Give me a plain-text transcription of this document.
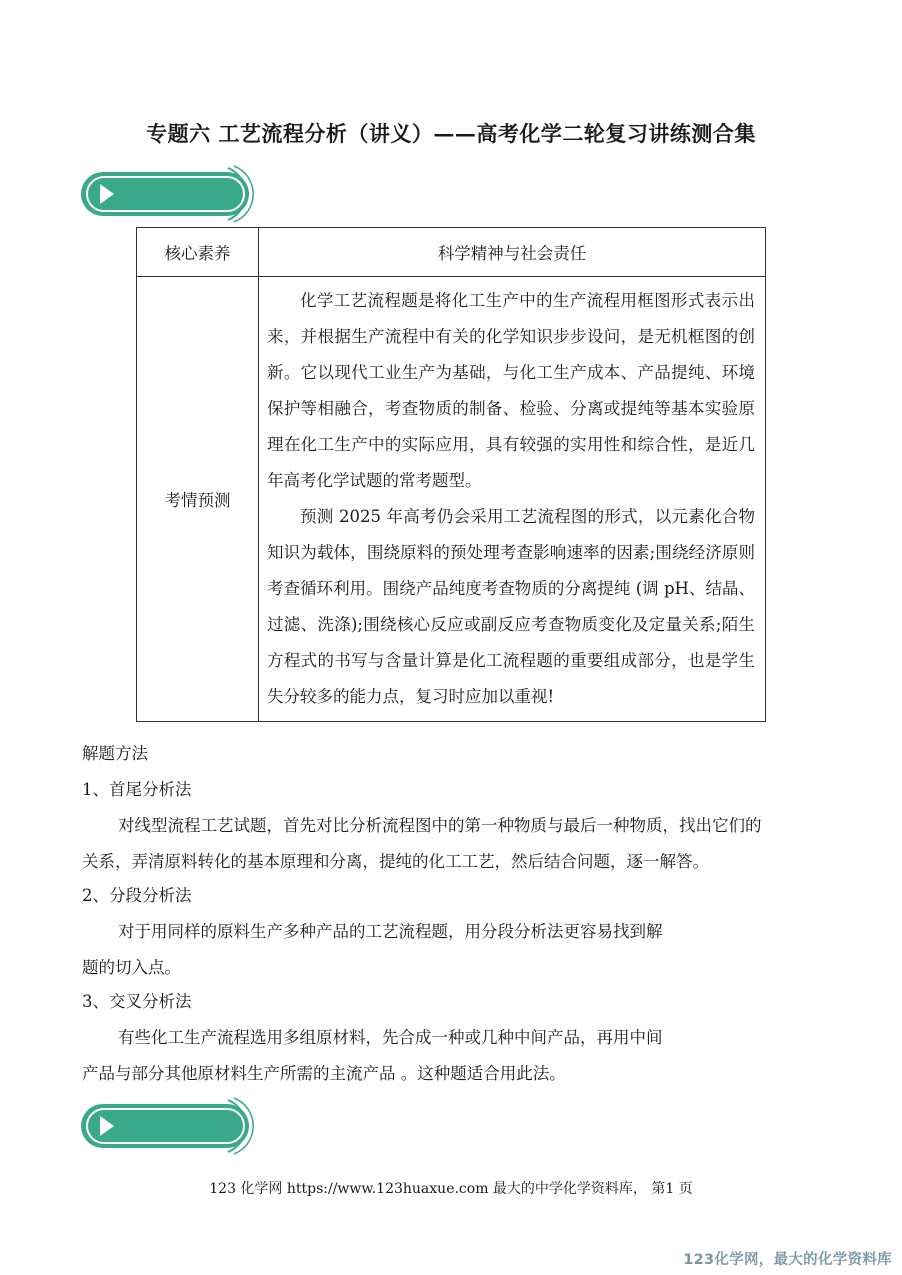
专题六 工艺流程分析（讲义）——高考化学二轮复习讲练测合集
核心素养	科学精神与社会责任
考情预测	化学工艺流程题是将化工生产中的生产流程用框图形式表示出来，并根据生产流程中有关的化学知识步步设问，是无机框图的创新。它以现代工业生产为基础，与化工生产成本、产品提纯、环境保护等相融合，考查物质的制备、检验、分离或提纯等基本实验原理在化工生产中的实际应用，具有较强的实用性和综合性，是近几年高考化学试题的常考题型。

预测 2025 年高考仍会采用工艺流程图的形式，以元素化合物知识为载体，围绕原料的预处理考查影响速率的因素;围绕经济原则考查循环利用。围绕产品纯度考查物质的分离提纯 (调 pH、结晶、过滤、洗涤);围绕核心反应或副反应考查物质变化及定量关系;陌生方程式的书写与含量计算是化工流程题的重要组成部分，也是学生失分较多的能力点，复习时应加以重视!

解题方法
1、首尾分析法
对线型流程工艺试题，首先对比分析流程图中的第一种物质与最后一种物质，找出它们的
关系，弄清原料转化的基本原理和分离，提纯的化工工艺，然后结合问题，逐一解答。
2、分段分析法
对于用同样的原料生产多种产品的工艺流程题，用分段分析法更容易找到解
题的切入点。
3、交叉分析法
有些化工生产流程选用多组原材料，先合成一种或几种中间产品，再用中间
产品与部分其他原材料生产所需的主流产品 。这种题适合用此法。
123 化学网 https://www.123huaxue.com 最大的中学化学资料库， 第1 页
123化学网，最大的化学资料库
